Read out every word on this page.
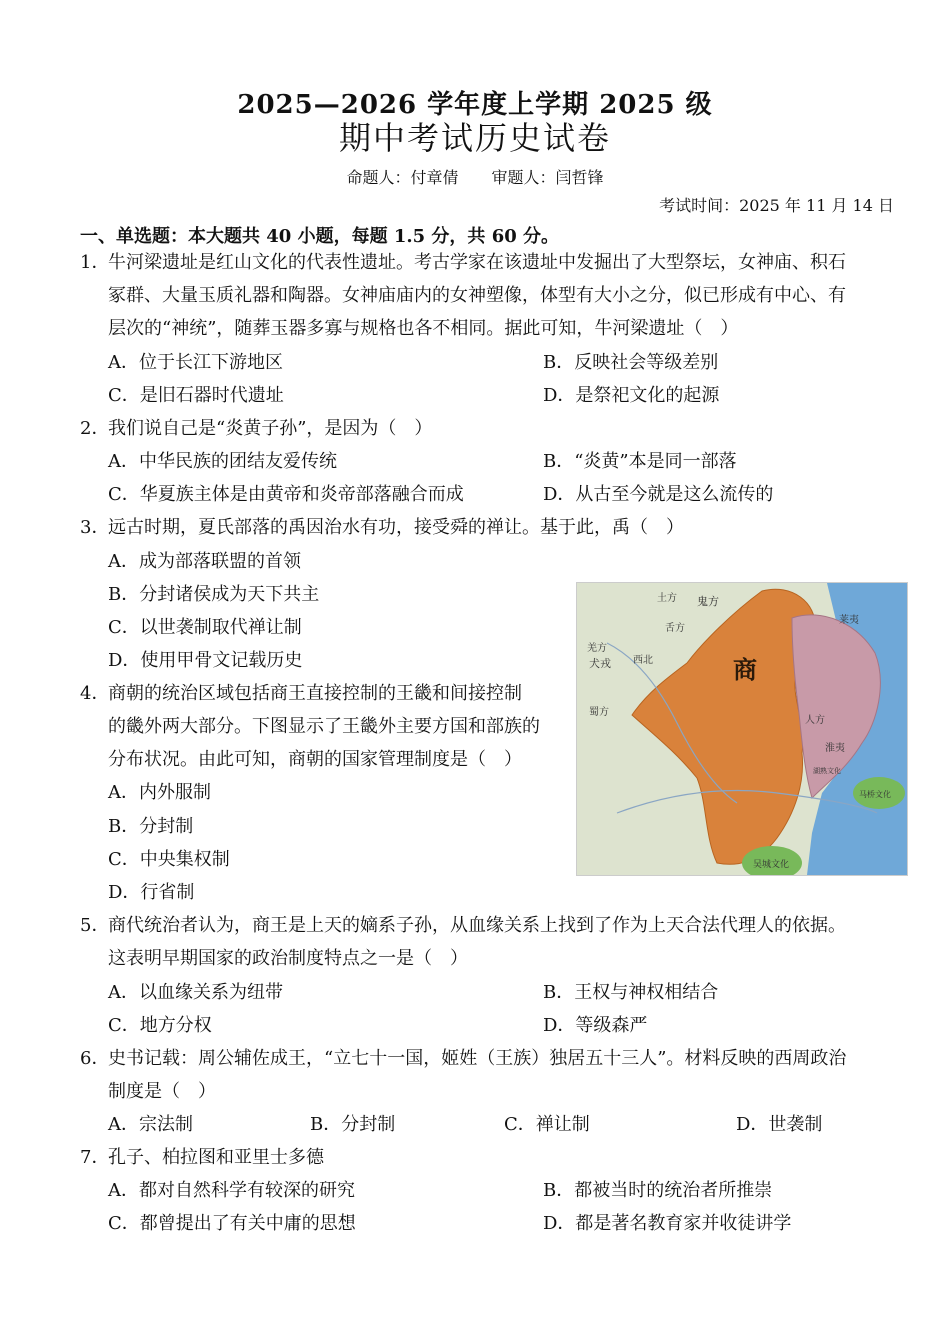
2025—2026 学年度上学期 2025 级
期中考试历史试卷
命题人：付章倩 审题人：闫哲锋
考试时间：2025 年 11 月 14 日
一、单选题：本大题共 40 小题，每题 1.5 分，共 60 分。
1．
牛河梁遗址是红山文化的代表性遗址。考古学家在该遗址中发掘出了大型祭坛，女神庙、积石
冢群、大量玉质礼器和陶器。女神庙庙内的女神塑像，体型有大小之分，似已形成有中心、有
层次的“神统”，随葬玉器多寡与规格也各不相同。据此可知，牛河梁遗址（　）
A．位于长江下游地区	B．反映社会等级差别
C．是旧石器时代遗址	D．是祭祀文化的起源
2．
我们说自己是“炎黄子孙”，是因为（　）
A．中华民族的团结友爱传统	B．“炎黄”本是同一部落
C．华夏族主体是由黄帝和炎帝部落融合而成	D．从古至今就是这么流传的
3．
远古时期，夏氏部落的禹因治水有功，接受舜的禅让。基于此，禹（　）
A．成为部落联盟的首领
B．分封诸侯成为天下共主
C．以世袭制取代禅让制
D．使用甲骨文记载历史
4．
商朝的统治区域包括商王直接控制的王畿和间接控制
的畿外两大部分。下图显示了王畿外主要方国和部族的
分布状况。由此可知，商朝的国家管理制度是（　）
A．内外服制
B．分封制
C．中央集权制
D．行省制
商
鬼方
土方
舌方
羌方
犬戎 西北
人方
淮夷
莱夷
马桥文化
湖熟文化
吴城文化
蜀方
5．
商代统治者认为，商王是上天的嫡系子孙，从血缘关系上找到了作为上天合法代理人的依据。
这表明早期国家的政治制度特点之一是（　）
A．以血缘关系为纽带	B．王权与神权相结合
C．地方分权	D．等级森严
6．
史书记载：周公辅佐成王，“立七十一国，姬姓（王族）独居五十三人”。材料反映的西周政治
制度是（　）
A．宗法制	B．分封制	C．禅让制	D．世袭制
7．
孔子、柏拉图和亚里士多德
A．都对自然科学有较深的研究	B．都被当时的统治者所推崇
C．都曾提出了有关中庸的思想	D．都是著名教育家并收徒讲学
